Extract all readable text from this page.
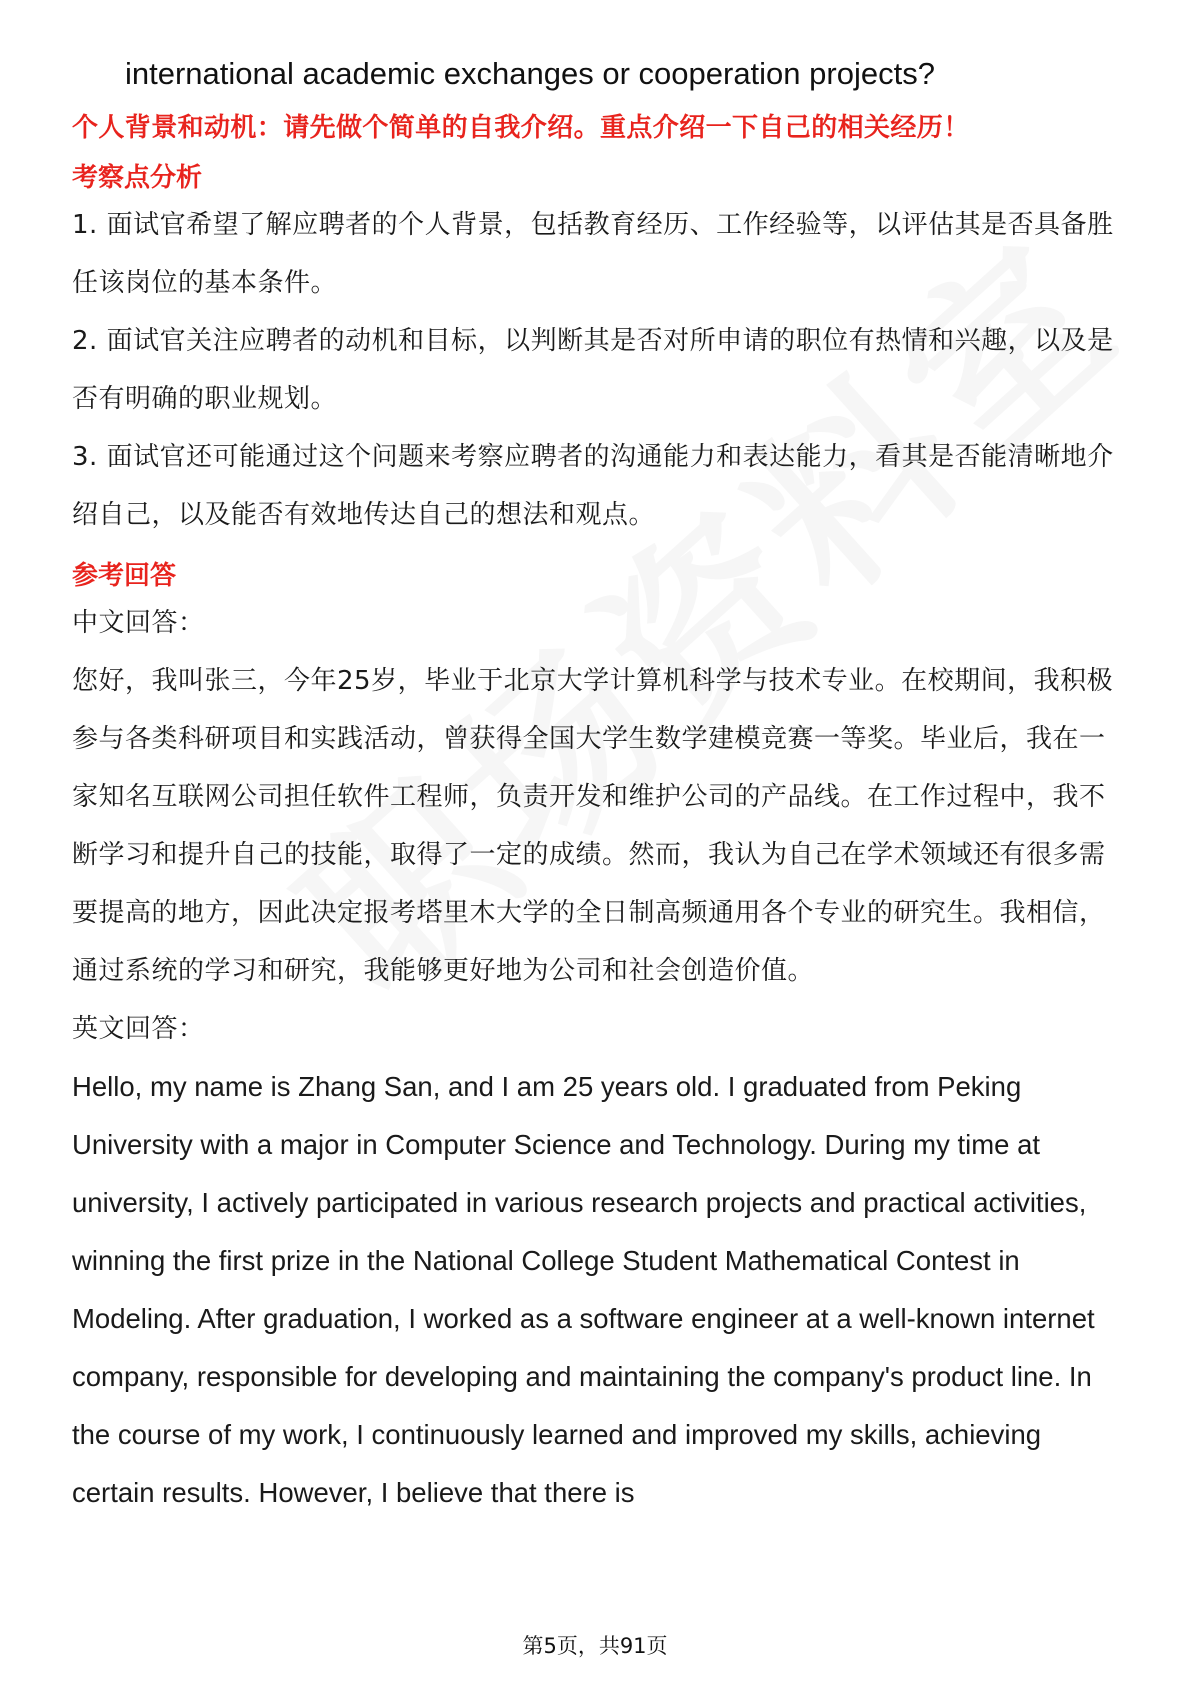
international academic exchanges or cooperation projects?
个人背景和动机：请先做个简单的自我介绍。重点介绍一下自己的相关经历！
考察点分析
1. 面试官希望了解应聘者的个人背景，包括教育经历、工作经验等，以评估其是否具备胜任该岗位的基本条件。
2. 面试官关注应聘者的动机和目标，以判断其是否对所申请的职位有热情和兴趣，以及是否有明确的职业规划。
3. 面试官还可能通过这个问题来考察应聘者的沟通能力和表达能力，看其是否能清晰地介绍自己，以及能否有效地传达自己的想法和观点。
参考回答
中文回答：
您好，我叫张三，今年25岁，毕业于北京大学计算机科学与技术专业。在校期间，我积极参与各类科研项目和实践活动，曾获得全国大学生数学建模竞赛一等奖。毕业后，我在一家知名互联网公司担任软件工程师，负责开发和维护公司的产品线。在工作过程中，我不断学习和提升自己的技能，取得了一定的成绩。然而，我认为自己在学术领域还有很多需要提高的地方，因此决定报考塔里木大学的全日制高频通用各个专业的研究生。我相信，通过系统的学习和研究，我能够更好地为公司和社会创造价值。
英文回答：
Hello, my name is Zhang San, and I am 25 years old. I graduated from Peking University with a major in Computer Science and Technology. During my time at university, I actively participated in various research projects and practical activities, winning the first prize in the National College Student Mathematical Contest in Modeling. After graduation, I worked as a software engineer at a well-known internet company, responsible for developing and maintaining the company's product line. In the course of my work, I continuously learned and improved my skills, achieving certain results. However, I believe that there is
第5页，共91页
